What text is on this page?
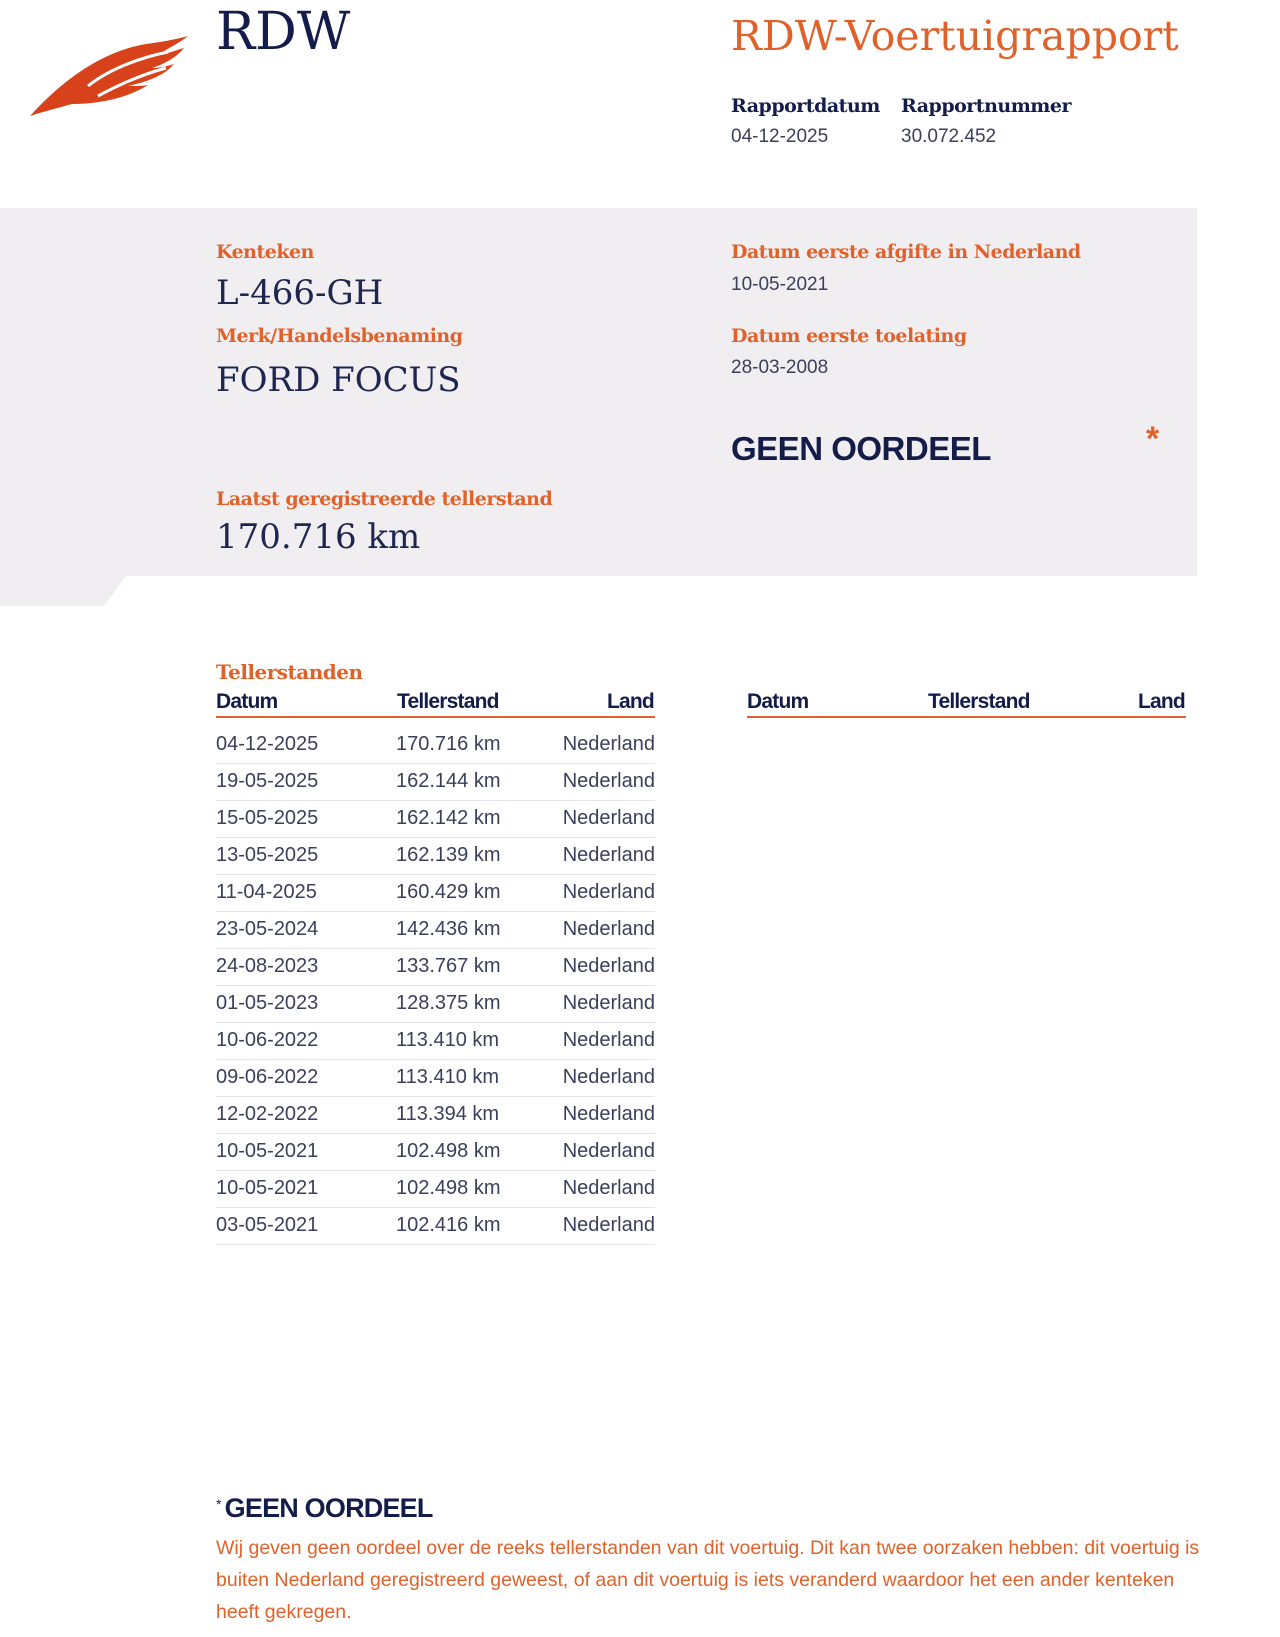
RDW	RDW-Voertuigrapport
Rapportdatum
04-12-2025
Rapportnummer
30.072.452
Kenteken
L-466-GH
Merk/Handelsbenaming
FORD FOCUS
Datum eerste afgifte in Nederland
10-05-2021
Datum eerste toelating
28-03-2008
GEEN OORDEEL	*
Laatst geregistreerde tellerstand
170.716 km
Tellerstanden
Datum	Tellerstand	Land
04-12-2025	170.716 km	Nederland
19-05-2025	162.144 km	Nederland
15-05-2025	162.142 km	Nederland
13-05-2025	162.139 km	Nederland
11-04-2025	160.429 km	Nederland
23-05-2024	142.436 km	Nederland
24-08-2023	133.767 km	Nederland
01-05-2023	128.375 km	Nederland
10-06-2022	113.410 km	Nederland
09-06-2022	113.410 km	Nederland
12-02-2022	113.394 km	Nederland
10-05-2021	102.498 km	Nederland
10-05-2021	102.498 km	Nederland
03-05-2021	102.416 km	Nederland
Datum	Tellerstand	Land
* GEEN OORDEEL
Wij geven geen oordeel over de reeks tellerstanden van dit voertuig. Dit kan twee oorzaken hebben: dit voertuig is buiten Nederland geregistreerd geweest, of aan dit voertuig is iets veranderd waardoor het een ander kenteken heeft gekregen.
